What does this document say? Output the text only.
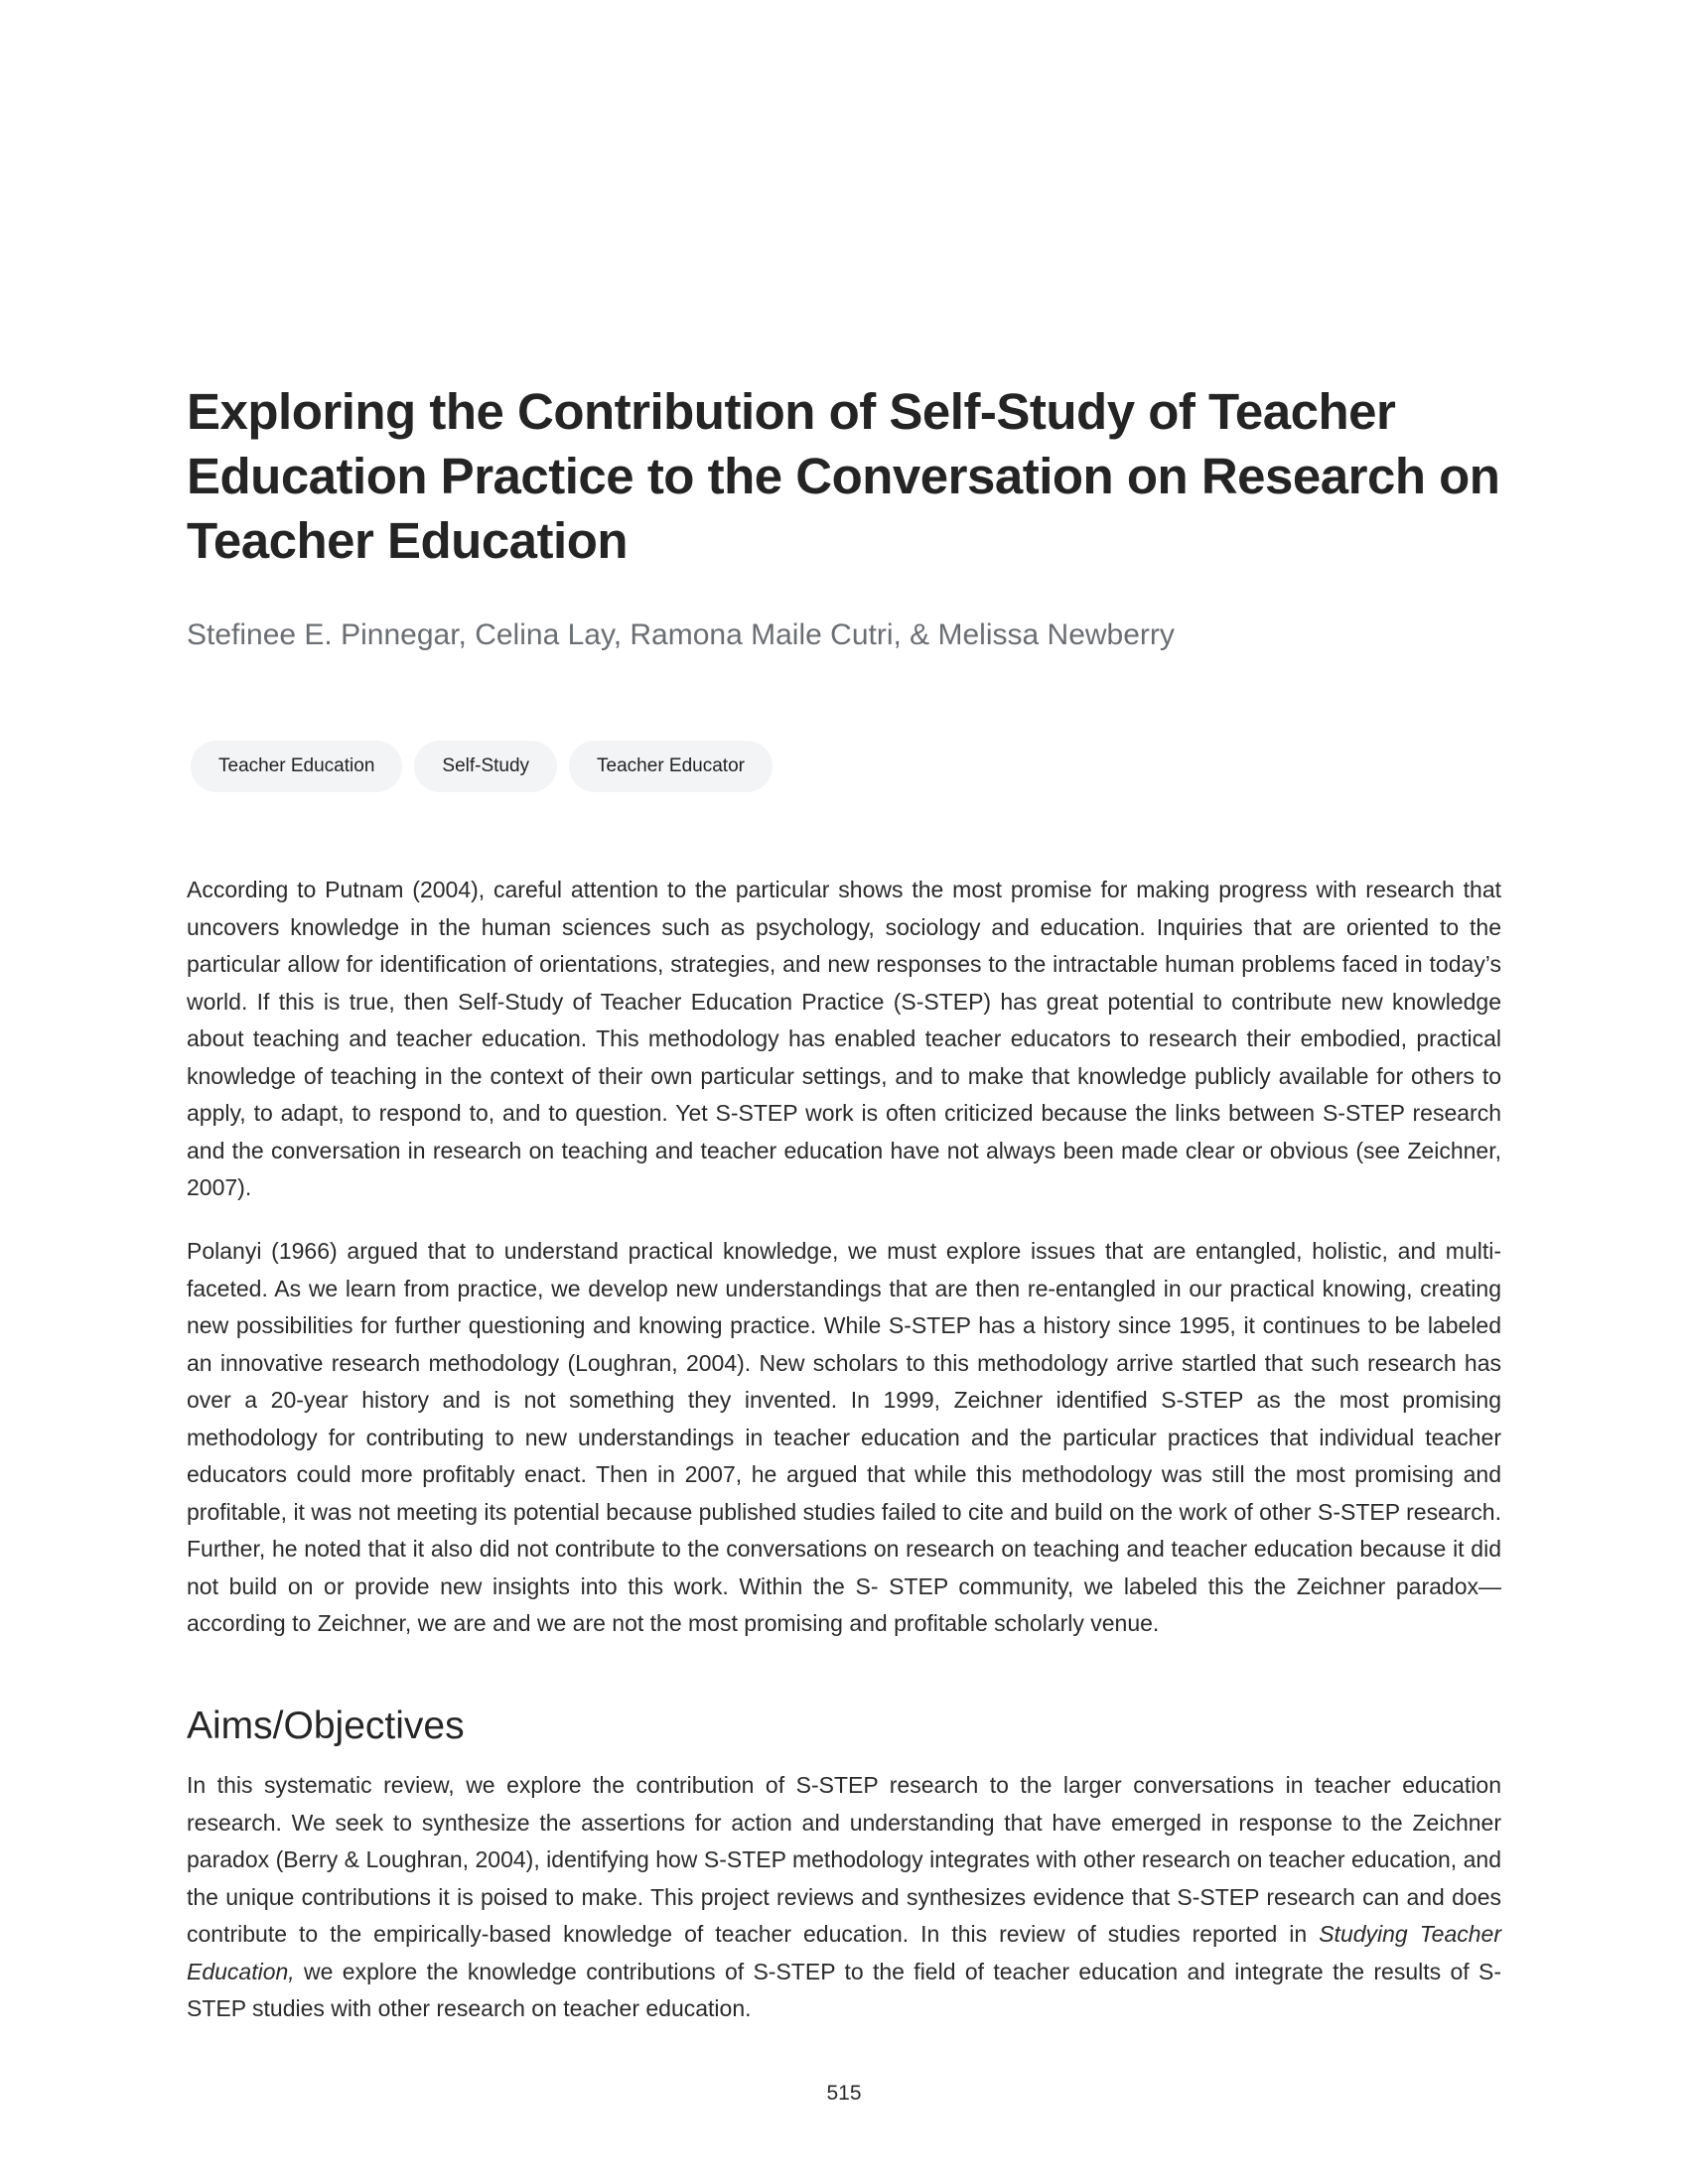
Exploring the Contribution of Self-Study of Teacher Education Practice to the Conversation on Research on Teacher Education

Stefinee E. Pinnegar, Celina Lay, Ramona Maile Cutri, & Melissa Newberry

Teacher Education	Self-Study	Teacher Educator

According to Putnam (2004), careful attention to the particular shows the most promise for making progress with research that uncovers knowledge in the human sciences such as psychology, sociology and education. Inquiries that are oriented to the particular allow for identification of orientations, strategies, and new responses to the intractable human problems faced in today’s world. If this is true, then Self-Study of Teacher Education Practice (S-STEP) has great potential to contribute new knowledge about teaching and teacher education. This methodology has enabled teacher educators to research their embodied, practical knowledge of teaching in the context of their own particular settings, and to make that knowledge publicly available for others to apply, to adapt, to respond to, and to question. Yet S-STEP work is often criticized because the links between S-STEP research and the conversation in research on teaching and teacher education have not always been made clear or obvious (see Zeichner, 2007).

Polanyi (1966) argued that to understand practical knowledge, we must explore issues that are entangled, holistic, and multi-faceted. As we learn from practice, we develop new understandings that are then re-entangled in our practical knowing, creating new possibilities for further questioning and knowing practice. While S-STEP has a history since 1995, it continues to be labeled an innovative research methodology (Loughran, 2004). New scholars to this methodology arrive startled that such research has over a 20-year history and is not something they invented. In 1999, Zeichner identified S-STEP as the most promising methodology for contributing to new understandings in teacher education and the particular practices that individual teacher educators could more profitably enact. Then in 2007, he argued that while this methodology was still the most promising and profitable, it was not meeting its potential because published studies failed to cite and build on the work of other S-STEP research. Further, he noted that it also did not contribute to the conversations on research on teaching and teacher education because it did not build on or provide new insights into this work. Within the S- STEP community, we labeled this the Zeichner paradox—according to Zeichner, we are and we are not the most promising and profitable scholarly venue.

Aims/Objectives

In this systematic review, we explore the contribution of S-STEP research to the larger conversations in teacher education research. We seek to synthesize the assertions for action and understanding that have emerged in response to the Zeichner paradox (Berry & Loughran, 2004), identifying how S-STEP methodology integrates with other research on teacher education, and the unique contributions it is poised to make. This project reviews and synthesizes evidence that S-STEP research can and does contribute to the empirically-based knowledge of teacher education. In this review of studies reported in Studying Teacher Education, we explore the knowledge contributions of S-STEP to the field of teacher education and integrate the results of S-STEP studies with other research on teacher education.

515
